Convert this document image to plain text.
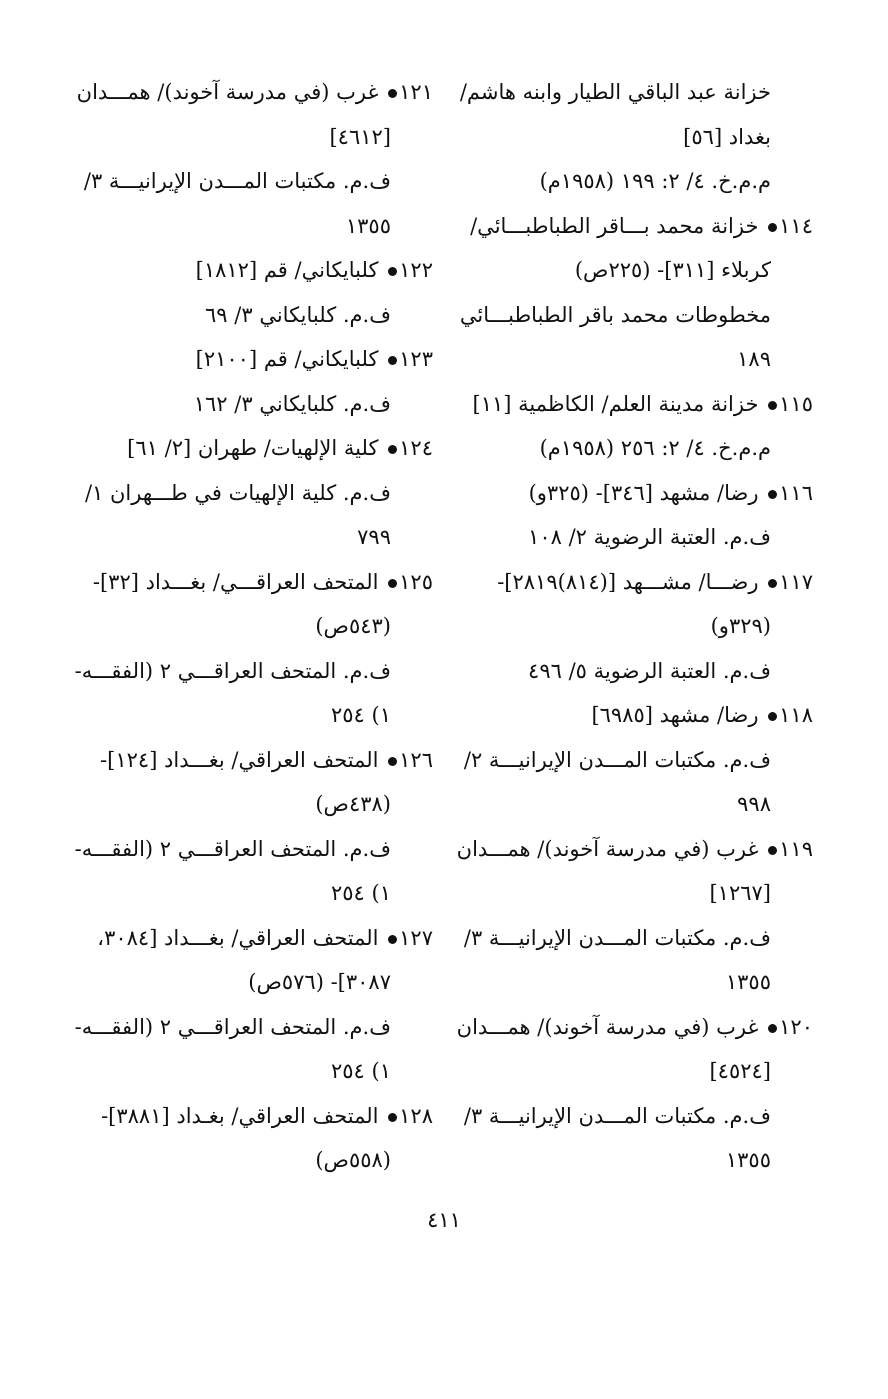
خزانة عبد الباقي الطيار وابنه هاشم/
بغداد [٥٦]
م.م.خ. ٤/ ٢: ١٩٩ (١٩٥٨م)
١١٤ خزانة محمد بـــاقر الطباطبـــائي/
كربلاء [٣١١]- (٢٢٥ص)
مخطوطات محمد باقر الطباطبـــائي
١٨٩
١١٥ خزانة مدينة العلم/ الكاظمية [١١]
م.م.خ. ٤/ ٢: ٢٥٦ (١٩٥٨م)
١١٦ رضا/ مشهد [٣٤٦]- (٣٢٥و)
ف.م. العتبة الرضوية ٢/ ١٠٨
١١٧ رضـــا/ مشـــهد [(٨١٤)٢٨١٩]-
(٣٢٩و)
ف.م. العتبة الرضوية ٥/ ٤٩٦
١١٨ رضا/ مشهد [٦٩٨٥]
ف.م. مكتبات المـــدن الإيرانيـــة ٢/
٩٩٨
١١٩ غرب (في مدرسة آخوند)/ همـــدان
[١٢٦٧]
ف.م. مكتبات المـــدن الإيرانيـــة ٣/
١٣٥٥
١٢٠ غرب (في مدرسة آخوند)/ همـــدان
[٤٥٢٤]
ف.م. مكتبات المـــدن الإيرانيـــة ٣/
١٣٥٥
١٢١ غرب (في مدرسة آخوند)/ همـــدان
[٤٦١٢]
ف.م. مكتبات المـــدن الإيرانيـــة ٣/
١٣٥٥
١٢٢ كلبايكاني/ قم [١٨١٢]
ف.م. كلبايكاني ٣/ ٦٩
١٢٣ كلبايكاني/ قم [٢١٠٠]
ف.م. كلبايكاني ٣/ ١٦٢
١٢٤ كلية الإلهيات/ طهران [٢/ ٦١]
ف.م. كلية الإلهيات في طـــهران ١/
٧٩٩
١٢٥ المتحف العراقـــي/ بغـــداد [٣٢]-
(٥٤٣ص)
ف.م. المتحف العراقـــي ٢ (الفقـــه-
١) ٢٥٤
١٢٦ المتحف العراقي/ بغـــداد [١٢٤]-
(٤٣٨ص)
ف.م. المتحف العراقـــي ٢ (الفقـــه-
١) ٢٥٤
١٢٧ المتحف العراقي/ بغـــداد [٣٠٨٤،
٣٠٨٧]- (٥٧٦ص)
ف.م. المتحف العراقـــي ٢ (الفقـــه-
١) ٢٥٤
١٢٨ المتحف العراقي/ بغـداد [٣٨٨١]-
(٥٥٨ص)
٤١١
